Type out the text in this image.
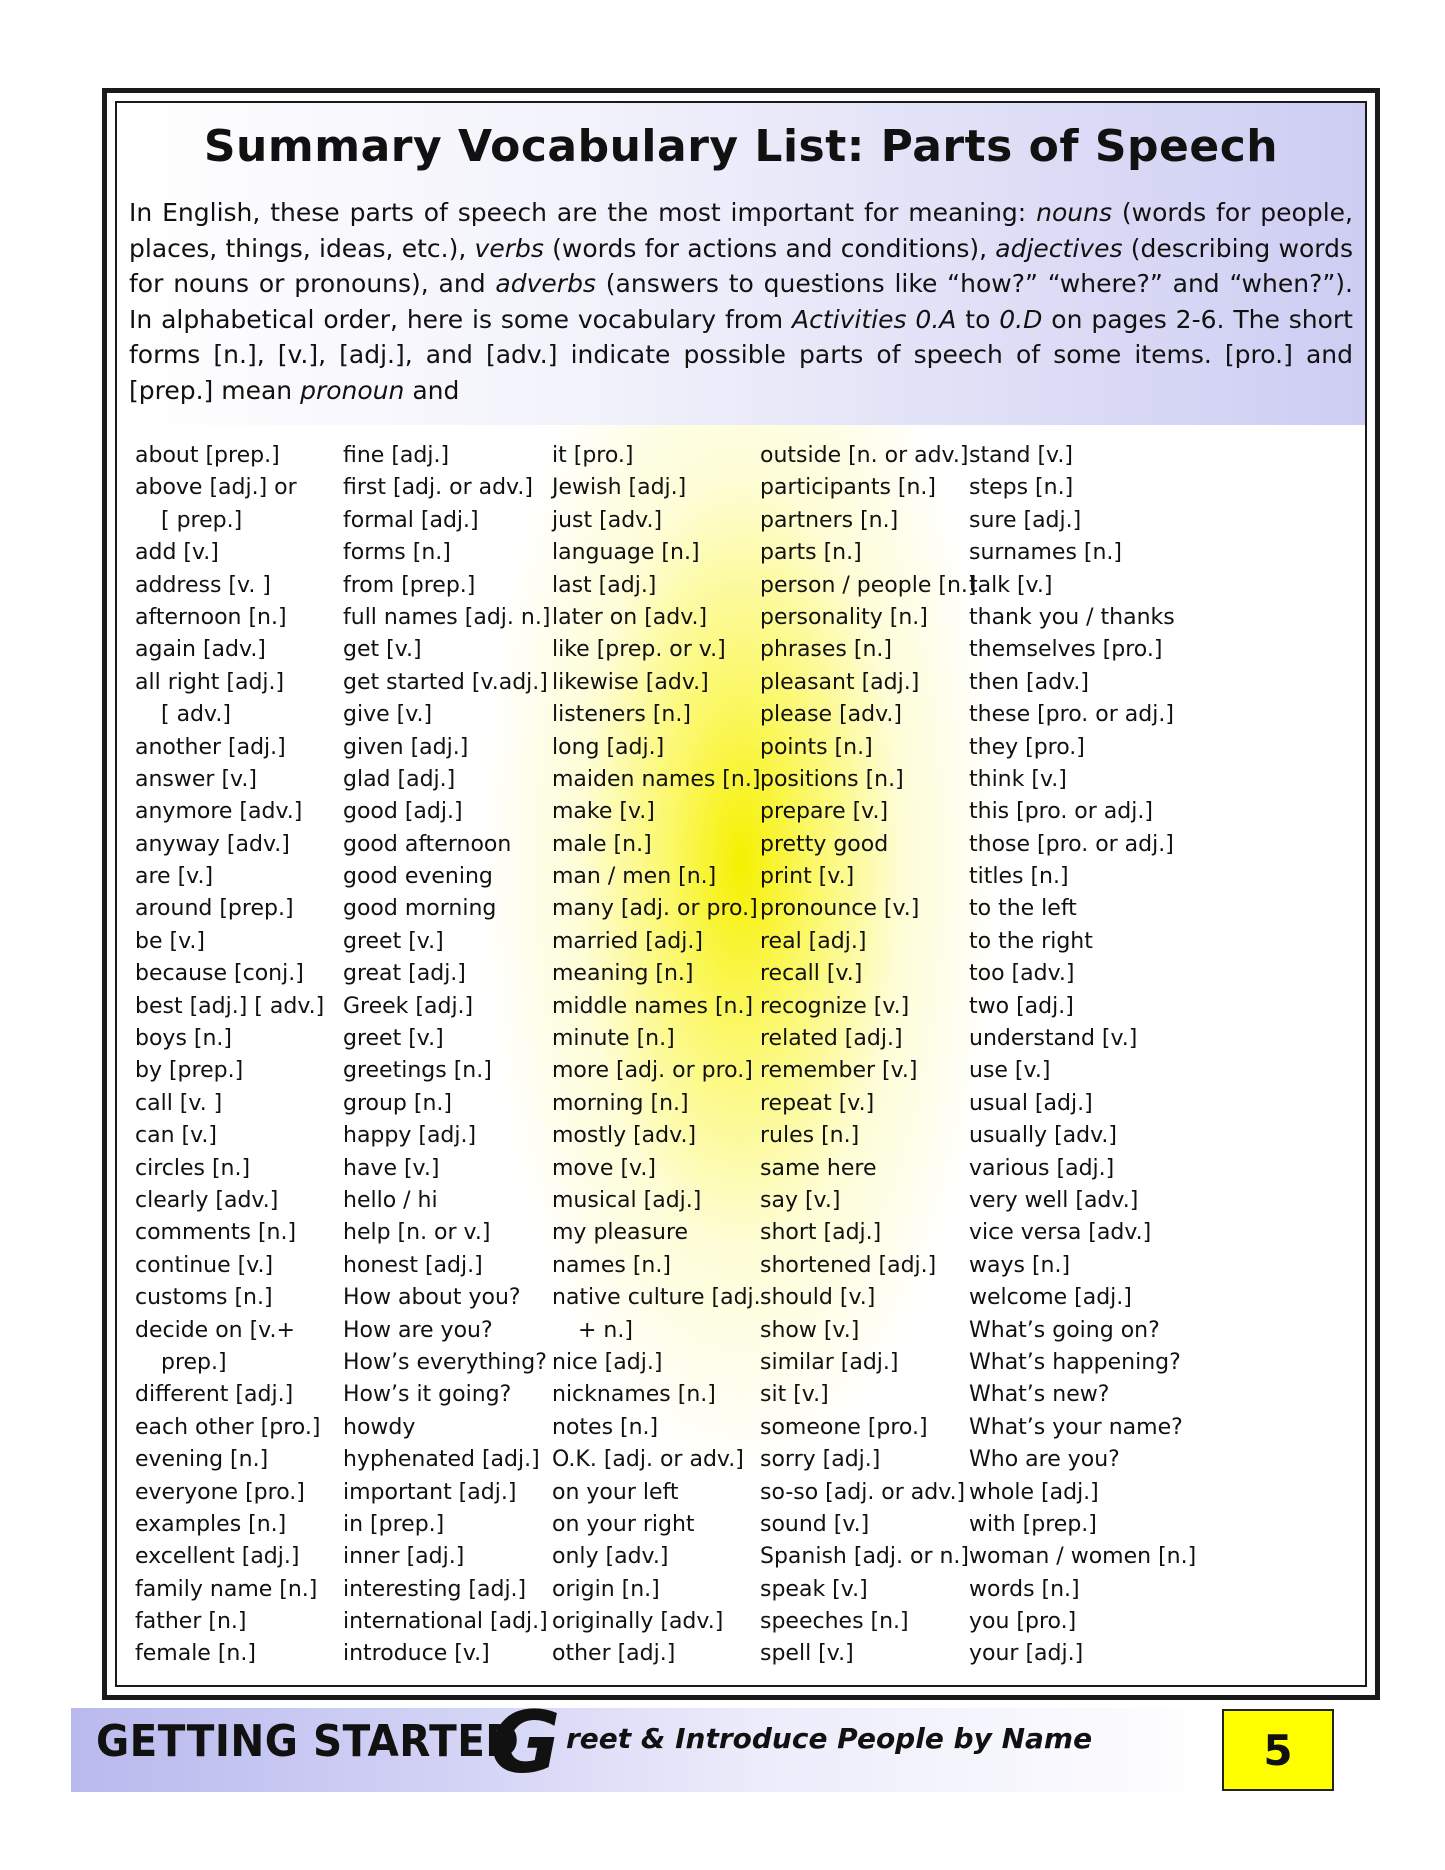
Summary Vocabulary List: Parts of Speech
In English, these parts of speech are the most important for meaning: nouns (words for people, places, things, ideas, etc.), verbs (words for actions and conditions), adjectives (describing words for nouns or pronouns), and adverbs (answers to questions like “how?” “where?” and “when?”). In alphabetical order, here is some vocabulary from Activities 0.A to 0.D on pages 2-6. The short forms [n.], [v.], [adj.], and [adv.] indicate possible parts of speech of some items. [pro.] and [prep.] mean pronoun and
about [prep.]
above [adj.] or
[ prep.]
add [v.]
address [v. ]
afternoon [n.]
again [adv.]
all right [adj.]
[ adv.]
another [adj.]
answer [v.]
anymore [adv.]
anyway [adv.]
are [v.]
around [prep.]
be [v.]
because [conj.]
best [adj.] [ adv.]
boys [n.]
by [prep.]
call [v. ]
can [v.]
circles [n.]
clearly [adv.]
comments [n.]
continue [v.]
customs [n.]
decide on [v.+
prep.]
different [adj.]
each other [pro.]
evening [n.]
everyone [pro.]
examples [n.]
excellent [adj.]
family name [n.]
father [n.]
female [n.]
fine [adj.]
first [adj. or adv.]
formal [adj.]
forms [n.]
from [prep.]
full names [adj. n.]
get [v.]
get started [v.adj.]
give [v.]
given [adj.]
glad [adj.]
good [adj.]
good afternoon
good evening
good morning
greet [v.]
great [adj.]
Greek [adj.]
greet [v.]
greetings [n.]
group [n.]
happy [adj.]
have [v.]
hello / hi
help [n. or v.]
honest [adj.]
How about you?
How are you?
How’s everything?
How’s it going?
howdy
hyphenated [adj.]
important [adj.]
in [prep.]
inner [adj.]
interesting [adj.]
international [adj.]
introduce [v.]
it [pro.]
Jewish [adj.]
just [adv.]
language [n.]
last [adj.]
later on [adv.]
like [prep. or v.]
likewise [adv.]
listeners [n.]
long [adj.]
maiden names [n.]
make [v.]
male [n.]
man / men [n.]
many [adj. or pro.]
married [adj.]
meaning [n.]
middle names [n.]
minute [n.]
more [adj. or pro.]
morning [n.]
mostly [adv.]
move [v.]
musical [adj.]
my pleasure
names [n.]
native culture [adj.
+ n.]
nice [adj.]
nicknames [n.]
notes [n.]
O.K. [adj. or adv.]
on your left
on your right
only [adv.]
origin [n.]
originally [adv.]
other [adj.]
outside [n. or adv.]
participants [n.]
partners [n.]
parts [n.]
person / people [n.]
personality [n.]
phrases [n.]
pleasant [adj.]
please [adv.]
points [n.]
positions [n.]
prepare [v.]
pretty good
print [v.]
pronounce [v.]
real [adj.]
recall [v.]
recognize [v.]
related [adj.]
remember [v.]
repeat [v.]
rules [n.]
same here
say [v.]
short [adj.]
shortened [adj.]
should [v.]
show [v.]
similar [adj.]
sit [v.]
someone [pro.]
sorry [adj.]
so-so [adj. or adv.]
sound [v.]
Spanish [adj. or n.]
speak [v.]
speeches [n.]
spell [v.]
stand [v.]
steps [n.]
sure [adj.]
surnames [n.]
talk [v.]
thank you / thanks
themselves [pro.]
then [adv.]
these [pro. or adj.]
they [pro.]
think [v.]
this [pro. or adj.]
those [pro. or adj.]
titles [n.]
to the left
to the right
too [adv.]
two [adj.]
understand [v.]
use [v.]
usual [adj.]
usually [adv.]
various [adj.]
very well [adv.]
vice versa [adv.]
ways [n.]
welcome [adj.]
What’s going on?
What’s happening?
What’s new?
What’s your name?
Who are you?
whole [adj.]
with [prep.]
woman / women [n.]
words [n.]
you [pro.]
your [adj.]
GETTING STARTED
G reet & Introduce People by Name	5
